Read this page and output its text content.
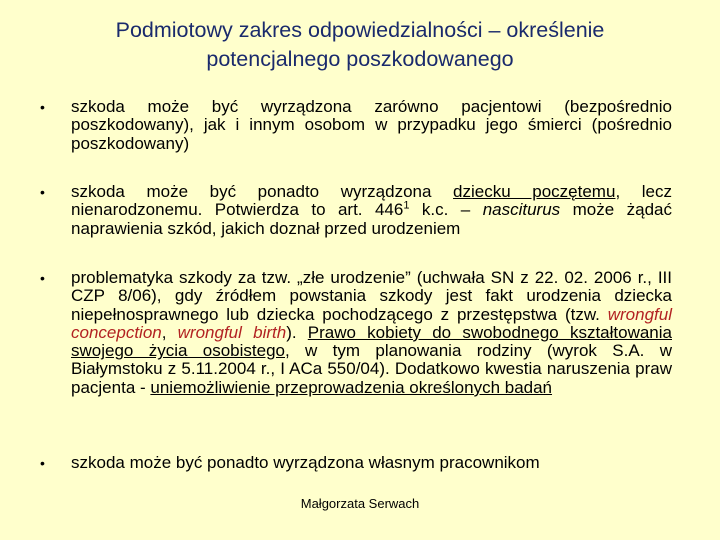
Podmiotowy zakres odpowiedzialności – określenie
potencjalnego poszkodowanego
•	szkoda może być wyrządzona zarówno pacjentowi (bezpośrednio poszkodowany), jak i innym osobom w przypadku jego śmierci (pośrednio poszkodowany)
•	szkoda może być ponadto wyrządzona dziecku poczętemu, lecz nienarodzonemu. Potwierdza to art. $446^1$ k.c. – nasciturus może żądać naprawienia szkód, jakich doznał przed urodzeniem
•	problematyka szkody za tzw. „złe urodzenie” (uchwała SN z 22. 02. 2006 r., III CZP 8/06), gdy źródłem powstania szkody jest fakt urodzenia dziecka niepełnosprawnego lub dziecka pochodzącego z przestępstwa (tzw. wrongful concepction, wrongful birth). Prawo kobiety do swobodnego kształtowania swojego życia osobistego, w tym planowania rodziny (wyrok S.A. w Białymstoku z 5.11.2004 r., I ACa 550/04). Dodatkowo kwestia naruszenia praw pacjenta - uniemożliwienie przeprowadzenia określonych badań
•	szkoda może być ponadto wyrządzona własnym pracownikom
Małgorzata Serwach
